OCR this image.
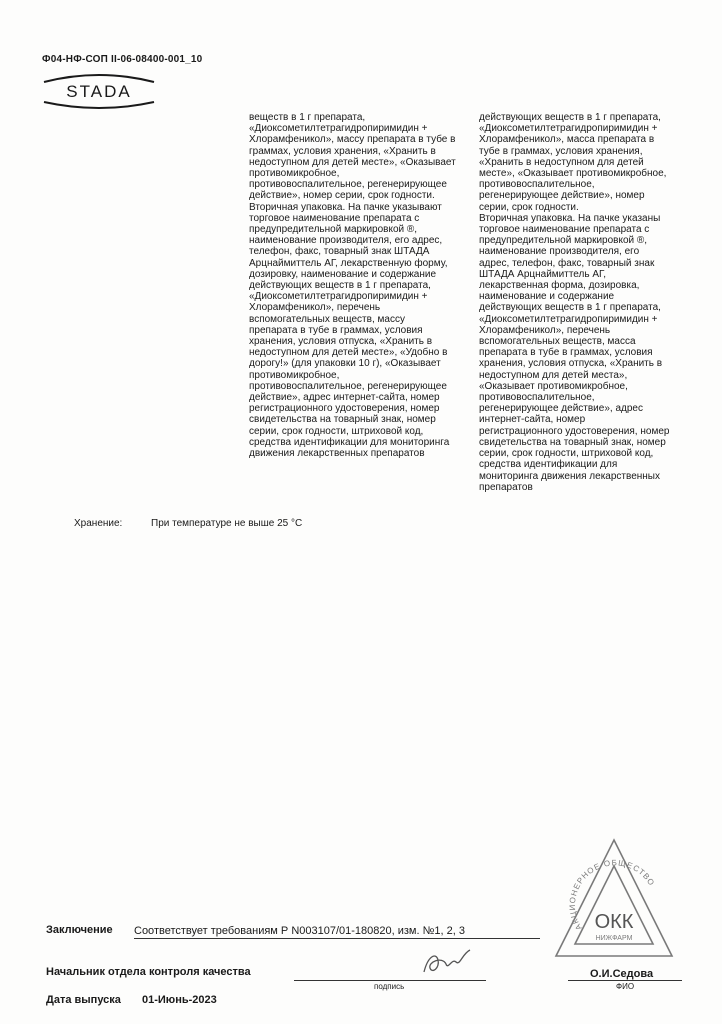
Ф04-НФ-СОП II-06-08400-001_10
STADA

веществ в 1 г препарата,

«Диоксометилтетрагидропиримидин +

Хлорамфеникол», массу препарата в тубе в

граммах, условия хранения, «Хранить в

недоступном для детей месте», «Оказывает

противомикробное,

противовоспалительное, регенерирующее

действие», номер серии, срок годности.

Вторичная упаковка. На пачке указывают

торговое наименование препарата с

предупредительной маркировкой ®,

наименование производителя, его адрес,

телефон, факс, товарный знак ШТАДА

Арцнаймиттель АГ, лекарственную форму,

дозировку, наименование и содержание

действующих веществ в 1 г препарата,

«Диоксометилтетрагидропиримидин +

Хлорамфеникол», перечень

вспомогательных веществ, массу

препарата в тубе в граммах, условия

хранения, условия отпуска, «Хранить в

недоступном для детей месте», «Удобно в

дорогу!» (для упаковки 10 г), «Оказывает

противомикробное,

противовоспалительное, регенерирующее

действие», адрес интернет-сайта, номер

регистрационного удостоверения, номер

свидетельства на товарный знак, номер

серии, срок годности, штриховой код,

средства идентификации для мониторинга

движения лекарственных препаратов

действующих веществ в 1 г препарата,

«Диоксометилтетрагидропиримидин +

Хлорамфеникол», масса препарата в

тубе в граммах, условия хранения,

«Хранить в недоступном для детей

месте», «Оказывает противомикробное,

противовоспалительное,

регенерирующее действие», номер

серии, срок годности.

Вторичная упаковка. На пачке указаны

торговое наименование препарата с

предупредительной маркировкой ®,

наименование производителя, его

адрес, телефон, факс, товарный знак

ШТАДА Арцнаймиттель АГ,

лекарственная форма, дозировка,

наименование и содержание

действующих веществ в 1 г препарата,

«Диоксометилтетрагидропиримидин +

Хлорамфеникол», перечень

вспомогательных веществ, масса

препарата в тубе в граммах, условия

хранения, условия отпуска, «Хранить в

недоступном для детей места»,

«Оказывает противомикробное,

противовоспалительное,

регенерирующее действие», адрес

интернет-сайта, номер

регистрационного удостоверения, номер

свидетельства на товарный знак, номер

серии, срок годности, штриховой код,

средства идентификации для

мониторинга движения лекарственных

препаратов

Хранение:	При температуре не выше 25 °С
АКЦИОНЕРНОЕ ОБЩЕСТВО
ОКК
НИЖФАРМ
Заключение Соответствует требованиям Р N003107/01-180820, изм. №1, 2, 3
Начальник отдела контроля качества
подпись
О.И.Седова
ФИО
Дата выпуска 01-Июнь-2023
